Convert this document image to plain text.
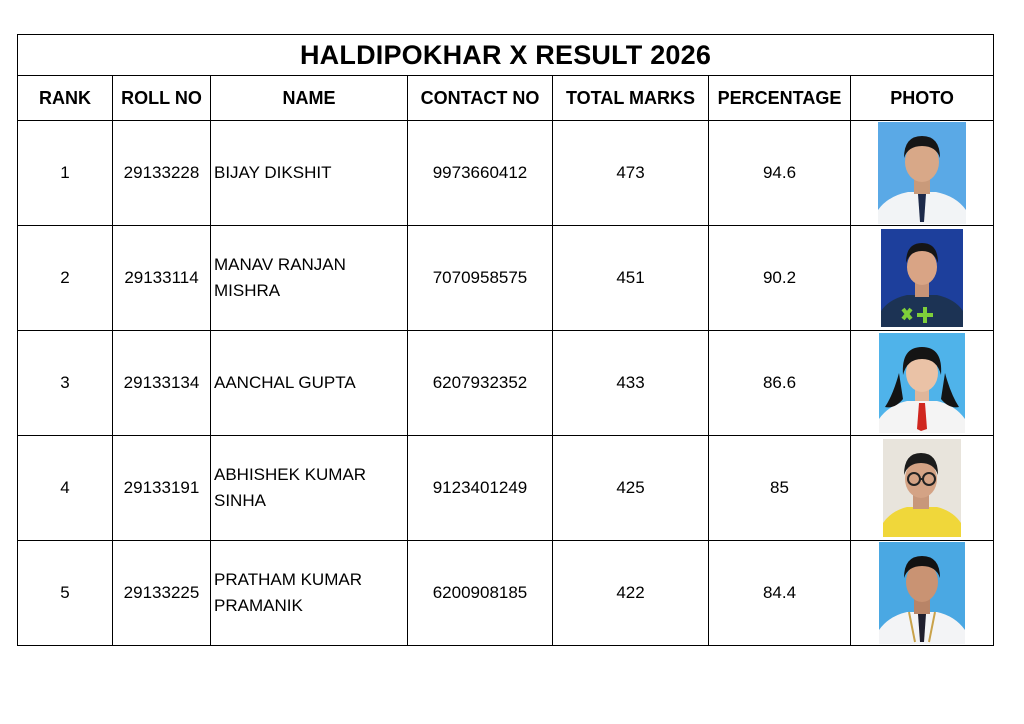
HALDIPOKHAR X RESULT 2026						
RANK	ROLL NO	NAME	CONTACT NO	TOTAL MARKS	PERCENTAGE	PHOTO
1	29133228	BIJAY DIKSHIT	9973660412	473	94.6	

2	29133114	MANAV RANJAN MISHRA	7070958575	451	90.2	

3	29133134	AANCHAL GUPTA	6207932352	433	86.6	

4	29133191	ABHISHEK KUMAR SINHA	9123401249	425	85	

5	29133225	PRATHAM KUMAR PRAMANIK	6200908185	422	84.4	
